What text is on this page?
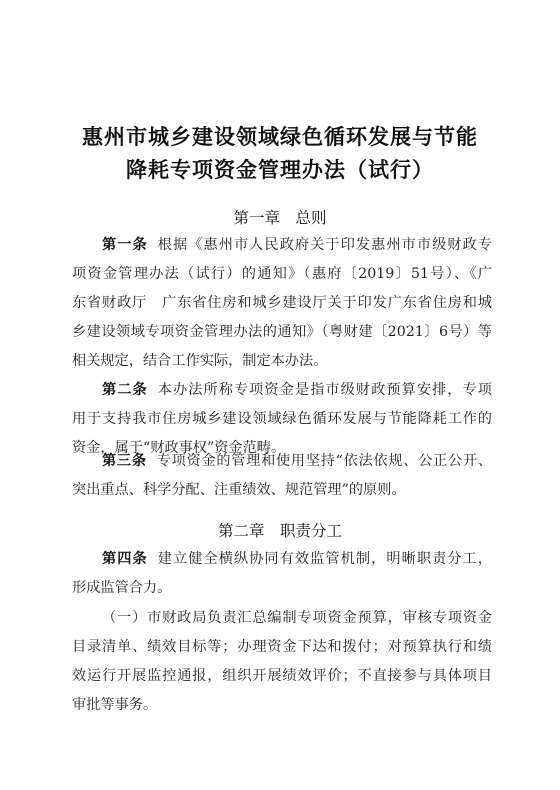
惠州市城乡建设领域绿色循环发展与节能
降耗专项资金管理办法（试行）
第一章　总则
第一条 根据《惠州市人民政府关于印发惠州市市级财政专
项资金管理办法（试行）的通知》（惠府〔2019〕51号）、《广
东省财政厅　广东省住房和城乡建设厅关于印发广东省住房和城
乡建设领域专项资金管理办法的通知》（粤财建〔2021〕6号）等
相关规定，结合工作实际，制定本办法。
第二条 本办法所称专项资金是指市级财政预算安排，专项
用于支持我市住房城乡建设领域绿色循环发展与节能降耗工作的
资金，属于“财政事权”资金范畴。
第三条 专项资金的管理和使用坚持“依法依规、公正公开、
突出重点、科学分配、注重绩效、规范管理”的原则。
第二章　职责分工
第四条 建立健全横纵协同有效监管机制，明晰职责分工，
形成监管合力。
（一）市财政局负责汇总编制专项资金预算，审核专项资金
目录清单、绩效目标等；办理资金下达和拨付；对预算执行和绩
效运行开展监控通报，组织开展绩效评价；不直接参与具体项目
审批等事务。
